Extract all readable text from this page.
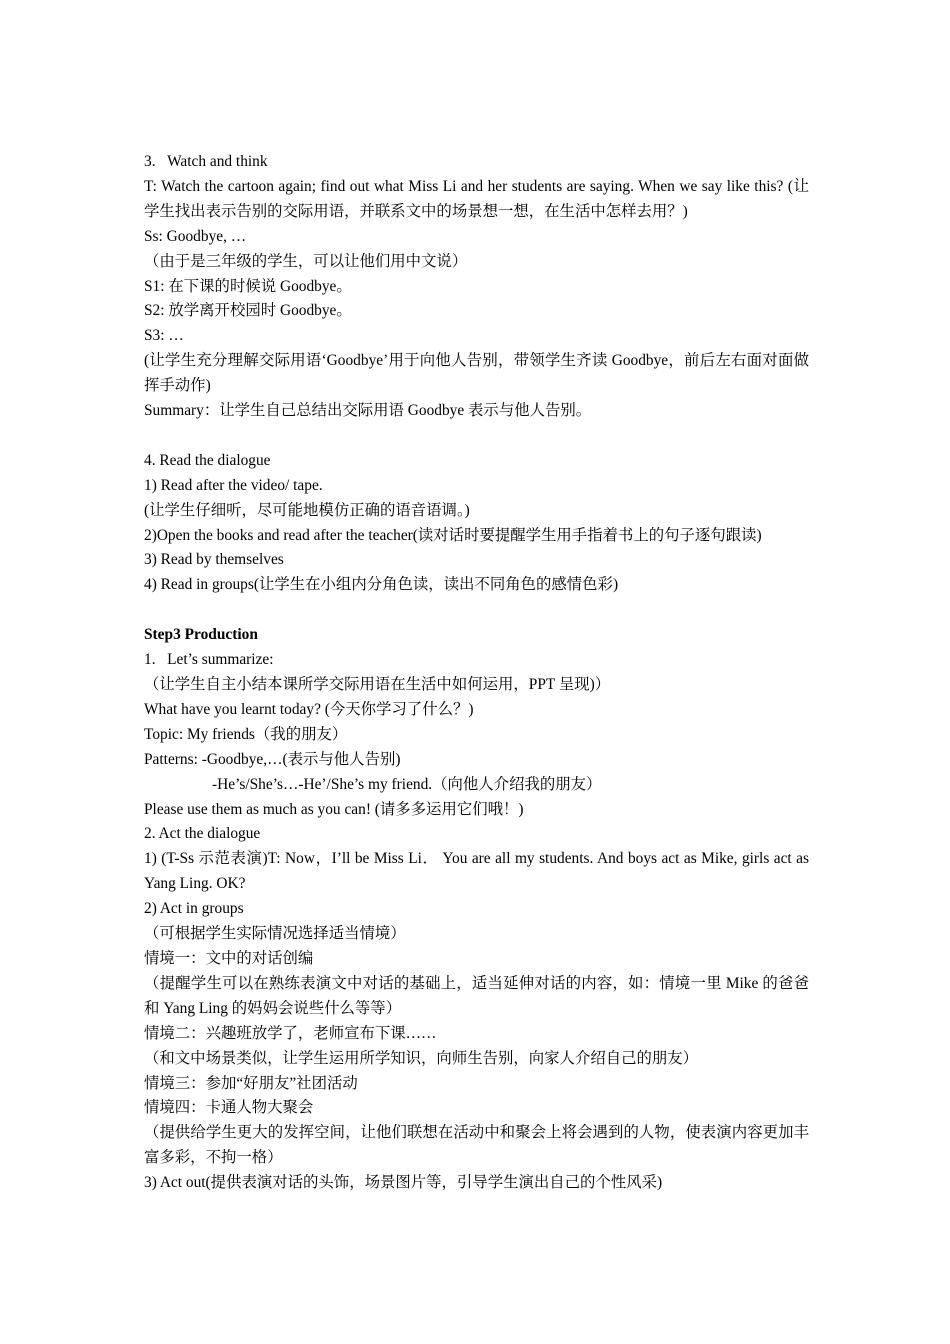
3.   Watch and think
T: Watch the cartoon again; find out what Miss Li and her students are saying. When we say like this? (让学生找出表示告别的交际用语，并联系文中的场景想一想，在生活中怎样去用？)
Ss: Goodbye, …
（由于是三年级的学生，可以让他们用中文说）
S1: 在下课的时候说 Goodbye。
S2: 放学离开校园时 Goodbye。
S3: …
(让学生充分理解交际用语‘Goodbye’用于向他人告别，带领学生齐读 Goodbye，前后左右面对面做挥手动作)
Summary：让学生自己总结出交际用语 Goodbye 表示与他人告别。
4. Read the dialogue
1) Read after the video/ tape.
(让学生仔细听，尽可能地模仿正确的语音语调。)
2)Open the books and read after the teacher(读对话时要提醒学生用手指着书上的句子逐句跟读)
3) Read by themselves
4) Read in groups(让学生在小组内分角色读，读出不同角色的感情色彩)
Step3 Production
1.   Let’s summarize:
（让学生自主小结本课所学交际用语在生活中如何运用，PPT 呈现)）
What have you learnt today? (今天你学习了什么？)
Topic: My friends（我的朋友）
Patterns: -Goodbye,…(表示与他人告别)
-He’s/She’s…-He’/She’s my friend.（向他人介绍我的朋友）
Please use them as much as you can! (请多多运用它们哦！)
2. Act the dialogue
1) (T-Ss 示范表演)T: Now，I’ll be Miss Li． You are all my students. And boys act as Mike, girls act as Yang Ling. OK?
2) Act in groups
（可根据学生实际情况选择适当情境）
情境一：文中的对话创编
（提醒学生可以在熟练表演文中对话的基础上，适当延伸对话的内容，如：情境一里 Mike 的爸爸和 Yang Ling 的妈妈会说些什么等等）
情境二：兴趣班放学了，老师宣布下课……
（和文中场景类似，让学生运用所学知识，向师生告别，向家人介绍自己的朋友）
情境三：参加“好朋友”社团活动
情境四：卡通人物大聚会
（提供给学生更大的发挥空间，让他们联想在活动中和聚会上将会遇到的人物，使表演内容更加丰富多彩，不拘一格）
3) Act out(提供表演对话的头饰，场景图片等，引导学生演出自己的个性风采)
